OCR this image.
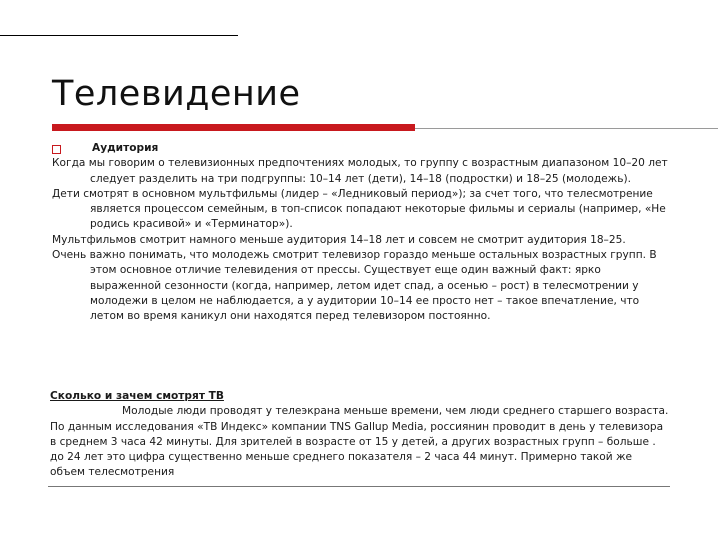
Телевидение
Аудитория

Когда мы говорим о телевизионных предпочтениях молодых, то группу с возрастным диапазоном 10–20 лет следует разделить на три подгруппы: 10–14 лет (дети), 14–18 (подростки) и 18–25 (молодежь).

Дети смотрят в основном мультфильмы (лидер – «Ледниковый период»); за счет того, что телесмотрение является процессом семейным, в топ-список попадают некоторые фильмы и сериалы (например, «Не родись красивой» и «Терминатор»).

Мультфильмов смотрит намного меньше аудитория 14–18 лет и совсем не смотрит аудитория 18–25.

Очень важно понимать, что молодежь смотрит телевизор гораздо меньше остальных возрастных групп. В этом основное отличие телевидения от прессы. Существует еще один важный факт: ярко выраженной сезонности (когда, например, летом идет спад, а осенью – рост) в телесмотрении у молодежи в целом не наблюдается, а у аудитории 10–14 ее просто нет – такое впечатление, что летом во время каникул они находятся перед телевизором постоянно.

Сколько и зачем смотрят ТВ

Молодые люди проводят у телеэкрана меньше времени, чем люди среднего старшего возраста. По данным исследования «ТВ Индекс» компании TNS Gallup Media, россиянин проводит в день у телевизора в среднем 3 часа 42 минуты. Для зрителей в возрасте от 15 у детей, а других возрастных групп – больше . до 24 лет это цифра существенно меньше среднего показателя – 2 часа 44 минут. Примерно такой же объем телесмотрения
